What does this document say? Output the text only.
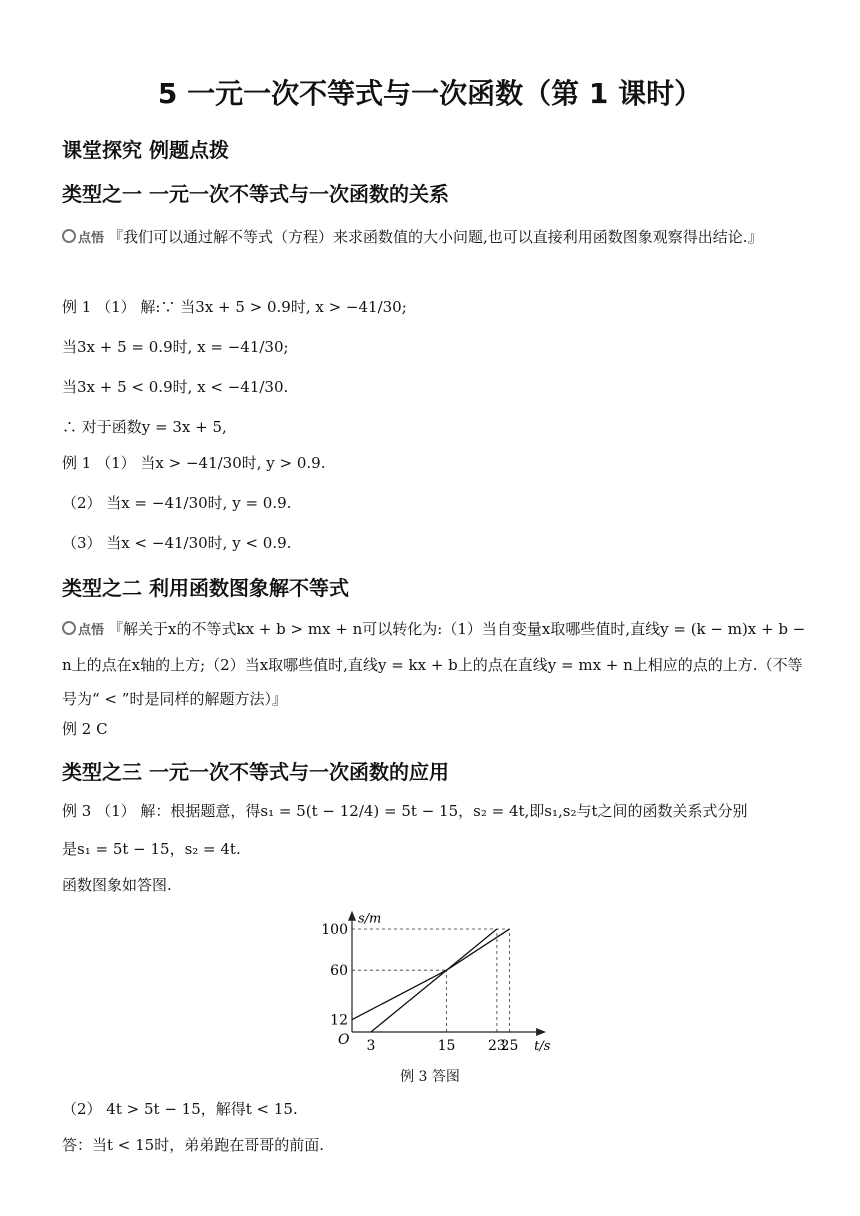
5 一元一次不等式与一次函数（第 1 课时）
课堂探究 例题点拨
类型之一 一元一次不等式与一次函数的关系
点悟 『我们可以通过解不等式（方程）来求函数值的大小问题,也可以直接利用函数图象观察得出结论.』
例 1 （1） 解:∵ 当3x + 5 > 0.9时, x > −41/30;
当3x + 5 = 0.9时, x = −41/30;
当3x + 5 < 0.9时, x < −41/30.
∴ 对于函数y = 3x + 5,
例 1 （1） 当x > −41/30时, y > 0.9.
（2） 当x = −41/30时, y = 0.9.
（3） 当x < −41/30时, y < 0.9.
类型之二 利用函数图象解不等式
点悟 『解关于x的不等式kx + b > mx + n可以转化为:（1）当自变量x取哪些值时,直线y = (k − m)x + b − n上的点在x轴的上方;（2）当x取哪些值时,直线y = kx + b上的点在直线y = mx + n上相应的点的上方.（不等号为“ < ”时是同样的解题方法）』
例 2 C
类型之三 一元一次不等式与一次函数的应用
例 3 （1） 解：根据题意，得s₁ = 5(t − 12/4) = 5t − 15，s₂ = 4t,即s₁,s₂与t之间的函数关系式分别
是s₁ = 5t − 15，s₂ = 4t.
函数图象如答图.
3	15 23
25
12
60
100
O	t/s
s/m
例 3 答图
（2） 4t > 5t − 15，解得t < 15.
答：当t < 15时，弟弟跑在哥哥的前面.
